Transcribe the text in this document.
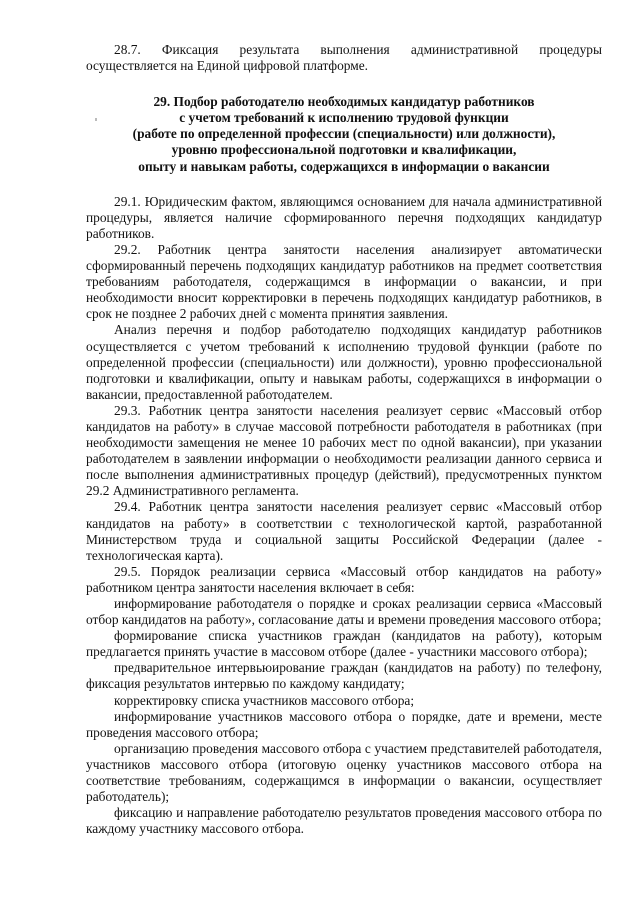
28.7. Фиксация результата выполнения административной процедуры осуществляется на Единой цифровой платформе.

29. Подбор работодателю необходимых кандидатур работников
с учетом требований к исполнению трудовой функции
(работе по определенной профессии (специальности) или должности),
уровню профессиональной подготовки и квалификации,
опыту и навыкам работы, содержащихся в информации о вакансии

29.1. Юридическим фактом, являющимся основанием для начала административной процедуры, является наличие сформированного перечня подходящих кандидатур работников.

29.2. Работник центра занятости населения анализирует автоматически сформированный перечень подходящих кандидатур работников на предмет соответствия требованиям работодателя, содержащимся в информации о вакансии, и при необходимости вносит корректировки в перечень подходящих кандидатур работников, в срок не позднее 2 рабочих дней с момента принятия заявления.

Анализ перечня и подбор работодателю подходящих кандидатур работников осуществляется с учетом требований к исполнению трудовой функции (работе по определенной профессии (специальности) или должности), уровню профессиональной подготовки и квалификации, опыту и навыкам работы, содержащихся в информации о вакансии, предоставленной работодателем.

29.3. Работник центра занятости населения реализует сервис «Массовый отбор кандидатов на работу» в случае массовой потребности работодателя в работниках (при необходимости замещения не менее 10 рабочих мест по одной вакансии), при указании работодателем в заявлении информации о необходимости реализации данного сервиса и после выполнения административных процедур (действий), предусмотренных пунктом 29.2 Административного регламента.

29.4. Работник центра занятости населения реализует сервис «Массовый отбор кандидатов на работу» в соответствии с технологической картой, разработанной Министерством труда и социальной защиты Российской Федерации (далее - технологическая карта).

29.5. Порядок реализации сервиса «Массовый отбор кандидатов на работу» работником центра занятости населения включает в себя:

информирование работодателя о порядке и сроках реализации сервиса «Массовый отбор кандидатов на работу», согласование даты и времени проведения массового отбора;

формирование списка участников граждан (кандидатов на работу), которым предлагается принять участие в массовом отборе (далее - участники массового отбора);

предварительное интервьюирование граждан (кандидатов на работу) по телефону, фиксация результатов интервью по каждому кандидату;

корректировку списка участников массового отбора;

информирование участников массового отбора о порядке, дате и времени, месте проведения массового отбора;

организацию проведения массового отбора с участием представителей работодателя, участников массового отбора (итоговую оценку участников массового отбора на соответствие требованиям, содержащимся в информации о вакансии, осуществляет работодатель);

фиксацию и направление работодателю результатов проведения массового отбора по каждому участнику массового отбора.
